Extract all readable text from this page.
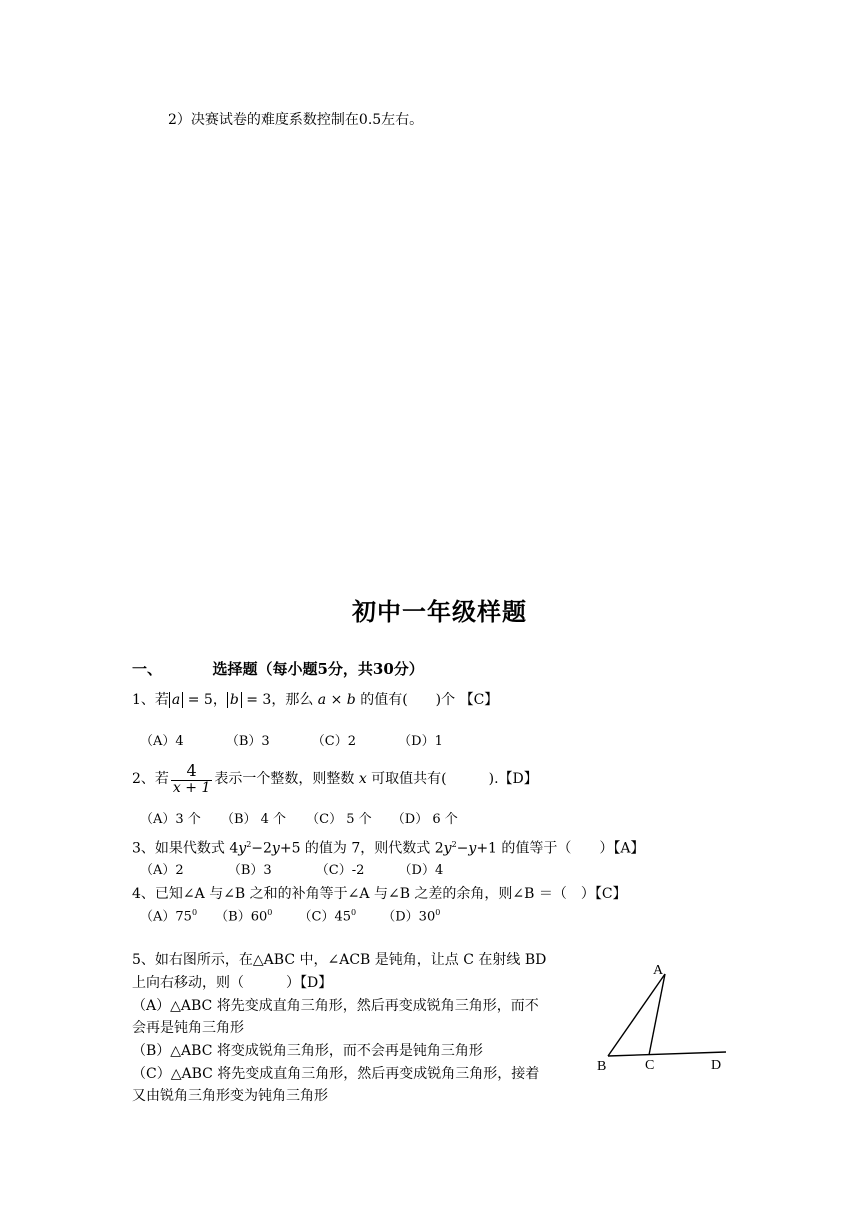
2）决赛试卷的难度系数控制在0.5左右。
初中一年级样题
一、	选择题（每小题5分，共30分）
1、若 a = 5， b = 3，那么 a × b 的值有(　　)个 【C】
（A）4	（B）3	（C）2	（D）1
2、若 $\frac{4}{x + 1}$ 表示一个整数，则整数 x 可取值共有(　　　).【D】
（A）3 个 （B） 4 个 （C） 5 个 （D） 6 个
3、如果代数式 $4y^2-2y+5$ 的值为 7，则代数式 $2y^2-y+1$ 的值等于（　　）【A】
（A）2	（B）3	（C）-2	（D）4
4、已知∠A 与∠B 之和的补角等于∠A 与∠B 之差的余角，则∠B ＝（　）【C】
$(A)75^0$ $(B)60^0$ $(C)45^0$ $(D)30^0$
5、如右图所示，在△ABC 中，∠ACB 是钝角，让点 C 在射线 BD
上向右移动，则（　　　）【D】
（A）△ABC 将先变成直角三角形，然后再变成锐角三角形，而不
会再是钝角三角形
（B）△ABC 将变成锐角三角形，而不会再是钝角三角形
（C）△ABC 将先变成直角三角形，然后再变成锐角三角形，接着
又由锐角三角形变为钝角三角形
A
B	C	D
